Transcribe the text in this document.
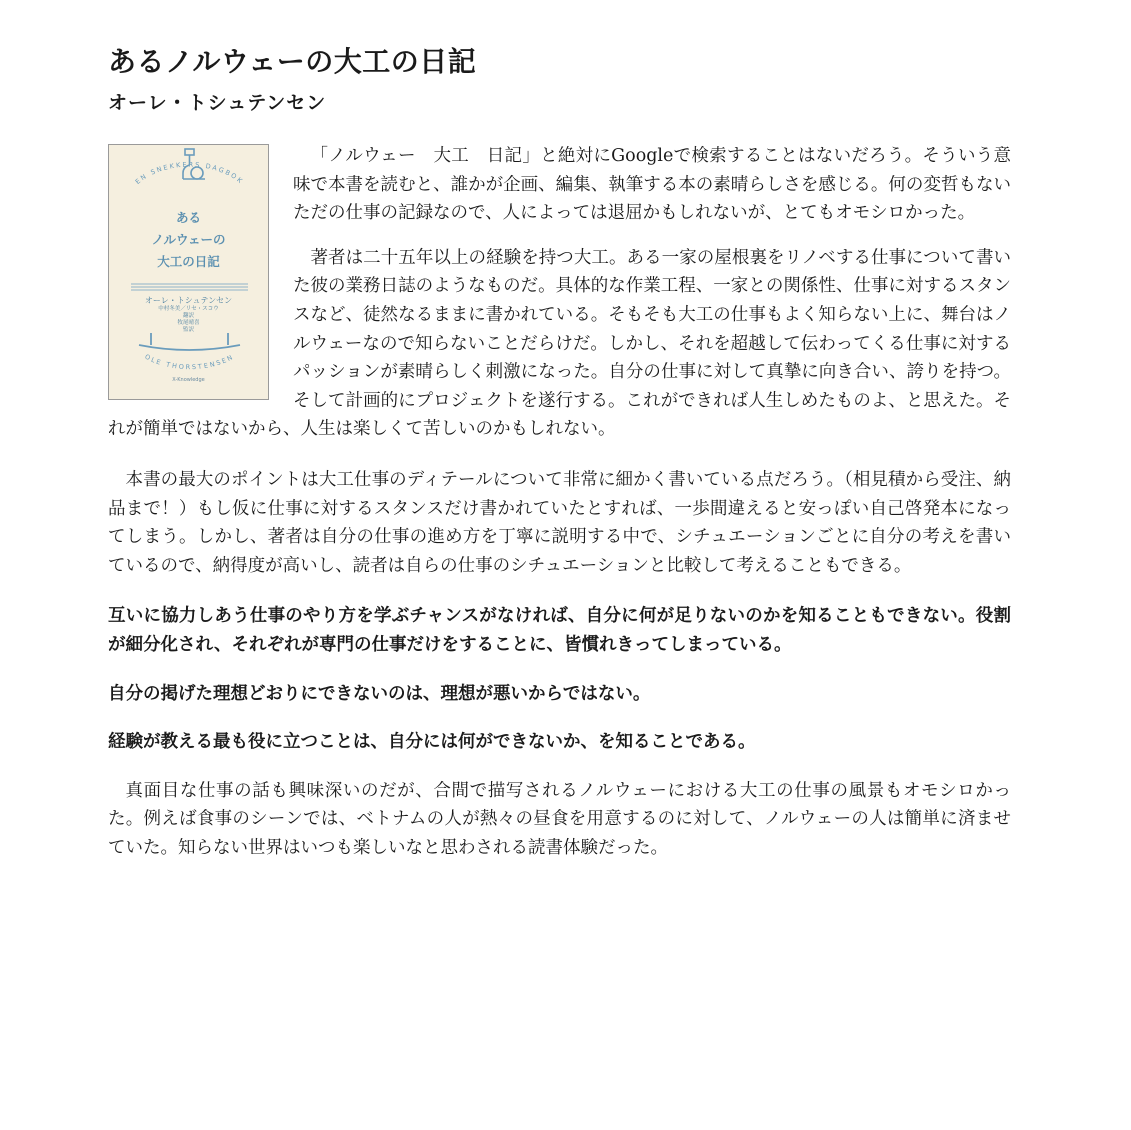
あるノルウェーの大工の日記
オーレ・トシュテンセン
EN SNEKKERS DAGBOK
OLE THORSTENSEN
ある
ノルウェーの
大工の日記
オーレ・トシュテンセン
中村冬美／リセ・スコウ
翻訳
牧尾晴喜
監訳
X-Knowledge

「ノルウェー　大工　日記」と絶対にGoogleで検索することはないだろう。そういう意味で本書を読むと、誰かが企画、編集、執筆する本の素晴らしさを感じる。何の変哲もないただの仕事の記録なので、人によっては退屈かもしれないが、とてもオモシロかった。

著者は二十五年以上の経験を持つ大工。ある一家の屋根裏をリノベする仕事について書いた彼の業務日誌のようなものだ。具体的な作業工程、一家との関係性、仕事に対するスタンスなど、徒然なるままに書かれている。そもそも大工の仕事もよく知らない上に、舞台はノルウェーなので知らないことだらけだ。しかし、それを超越して伝わってくる仕事に対するパッションが素晴らしく刺激になった。自分の仕事に対して真摯に向き合い、誇りを持つ。そして計画的にプロジェクトを遂行する。これができれば人生しめたものよ、と思えた。それが簡単ではないから、人生は楽しくて苦しいのかもしれない。

本書の最大のポイントは大工仕事のディテールについて非常に細かく書いている点だろう。（相見積から受注、納品まで！）もし仮に仕事に対するスタンスだけ書かれていたとすれば、一歩間違えると安っぽい自己啓発本になってしまう。しかし、著者は自分の仕事の進め方を丁寧に説明する中で、シチュエーションごとに自分の考えを書いているので、納得度が高いし、読者は自らの仕事のシチュエーションと比較して考えることもできる。

互いに協力しあう仕事のやり方を学ぶチャンスがなければ、自分に何が足りないのかを知ることもできない。役割が細分化され、それぞれが専門の仕事だけをすることに、皆慣れきってしまっている。

自分の掲げた理想どおりにできないのは、理想が悪いからではない。

経験が教える最も役に立つことは、自分には何ができないか、を知ることである。

真面目な仕事の話も興味深いのだが、合間で描写されるノルウェーにおける大工の仕事の風景もオモシロかった。例えば食事のシーンでは、ベトナムの人が熱々の昼食を用意するのに対して、ノルウェーの人は簡単に済ませていた。知らない世界はいつも楽しいなと思わされる読書体験だった。
